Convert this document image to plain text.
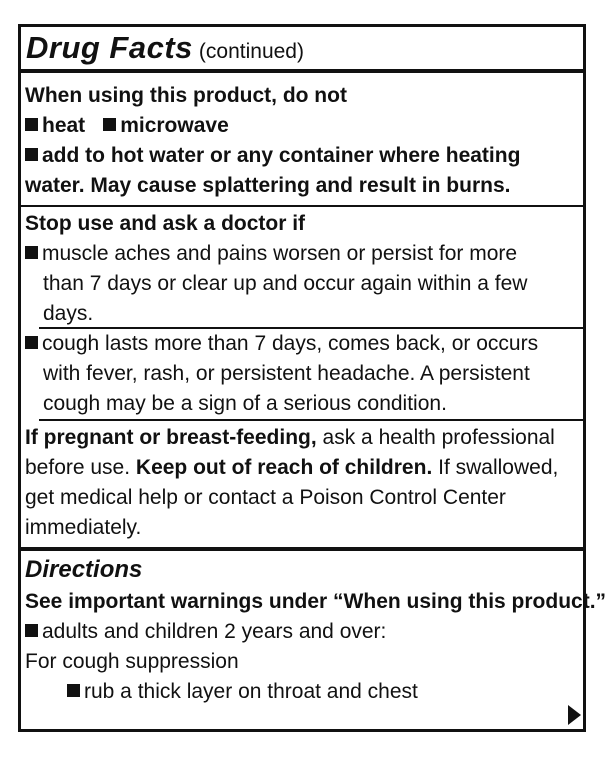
Drug Facts (continued)
When using this product, do not
heat microwave
add to hot water or any container where heating
water. May cause splattering and result in burns.
Stop use and ask a doctor if
muscle aches and pains worsen or persist for more
than 7 days or clear up and occur again within a few
days.
cough lasts more than 7 days, comes back, or occurs
with fever, rash, or persistent headache. A persistent
cough may be a sign of a serious condition.
If pregnant or breast-feeding, ask a health professional
before use. Keep out of reach of children. If swallowed,
get medical help or contact a Poison Control Center
immediately.
Directions
See important warnings under “When using this product.”
adults and children 2 years and over:
For cough suppression
rub a thick layer on throat and chest
